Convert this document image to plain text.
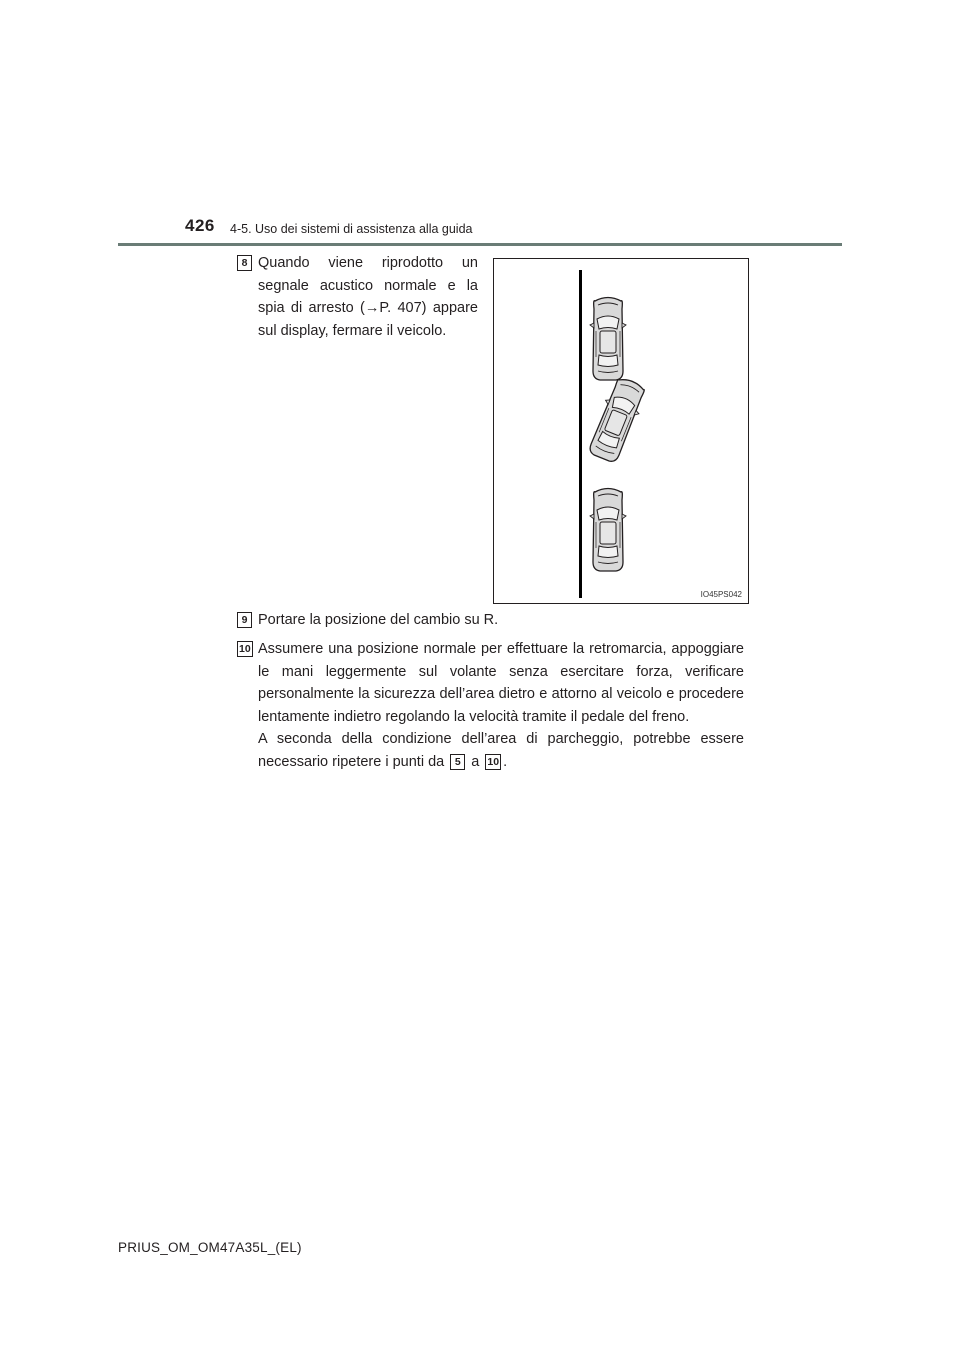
426 4-5. Uso dei sistemi di assistenza alla guida
8 Quando viene riprodotto un segnale acustico normale e la spia di arresto (→P. 407) appare sul display, fermare il veicolo.
IO45PS042
9 Portare la posizione del cambio su R.
10 Assumere una posizione normale per effettuare la retromarcia, appoggiare le mani leggermente sul volante senza esercitare forza, verificare personalmente la sicurezza dell’area dietro e attorno al veicolo e procedere lentamente indietro regolando la velocità tramite il pedale del freno.
A seconda della condizione dell’area di parcheggio, potrebbe essere necessario ripetere i punti da 5 a 10 .
PRIUS_OM_OM47A35L_(EL)
